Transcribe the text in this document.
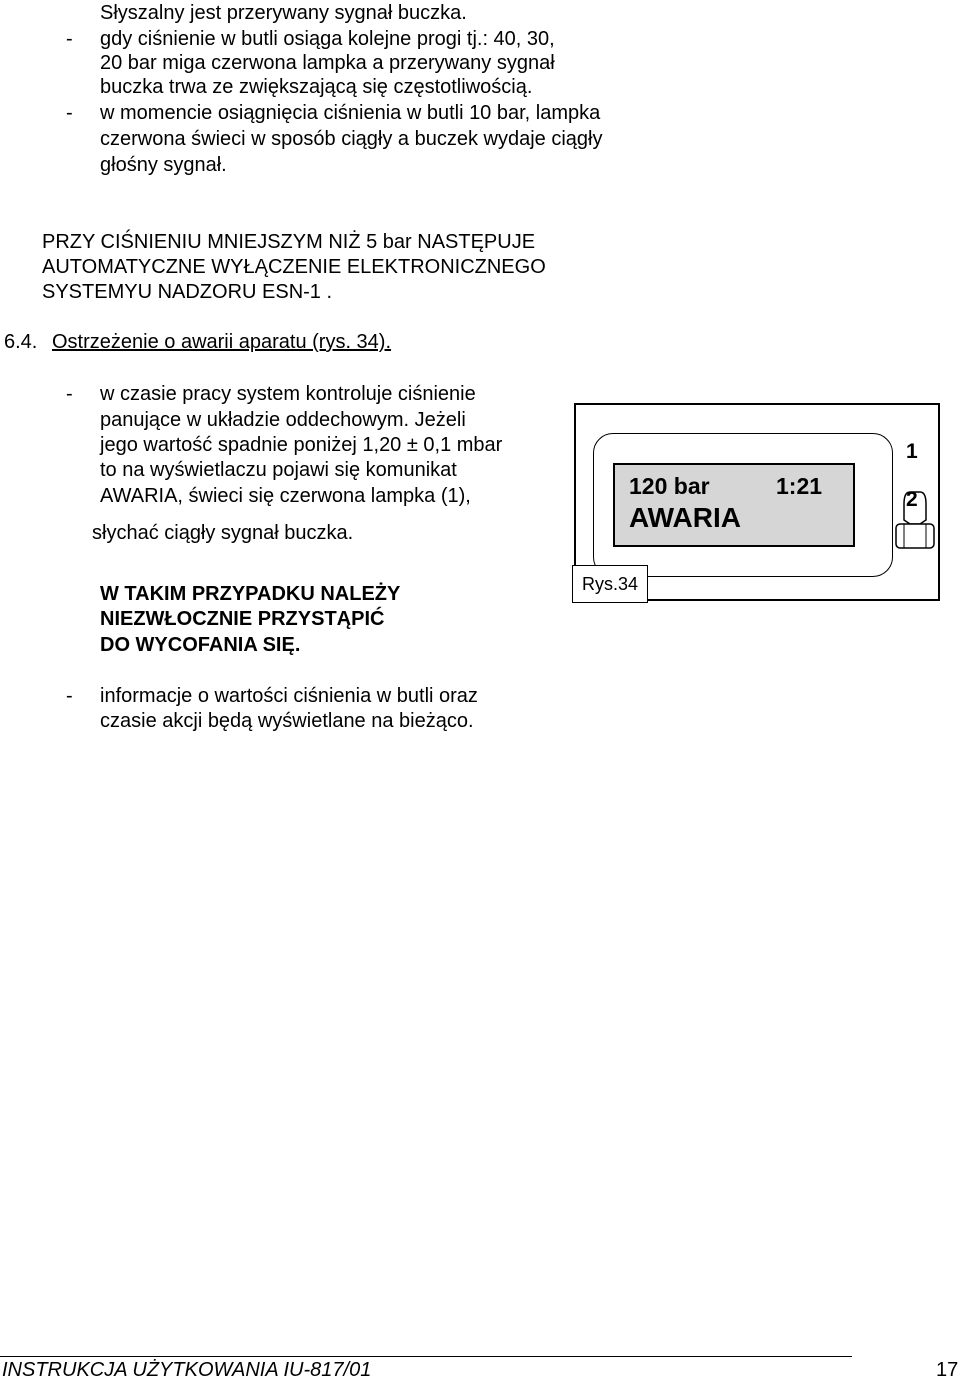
Słyszalny jest przerywany sygnał buczka.

- gdy ciśnienie w butli osiąga kolejne progi tj.: 40, 30,

20 bar miga czerwona lampka a przerywany sygnał

buczka trwa ze zwiększającą się częstotliwością.

- w momencie osiągnięcia ciśnienia w butli 10 bar, lampka

czerwona świeci w sposób ciągły a buczek wydaje ciągły

głośny sygnał.

PRZY CIŚNIENIU MNIEJSZYM NIŻ 5 bar NASTĘPUJE

AUTOMATYCZNE WYŁĄCZENIE ELEKTRONICZNEGO

SYSTEMYU NADZORU ESN-1 .

6.4. Ostrzeżenie o awarii aparatu (rys. 34).

- w czasie pracy system kontroluje ciśnienie

panujące w układzie oddechowym. Jeżeli

jego wartość spadnie poniżej 1,20 ± 0,1 mbar

to na wyświetlaczu pojawi się komunikat

AWARIA, świeci się czerwona lampka (1),

słychać ciągły sygnał buczka.

W TAKIM PRZYPADKU NALEŻY

NIEZWŁOCZNIE PRZYSTĄPIĆ

DO WYCOFANIA SIĘ.

- informacje o wartości ciśnienia w butli oraz

czasie akcji będą wyświetlane na bieżąco.

120 bar	1:21

AWARIA

1

2

Rys.34

INSTRUKCJA UŻYTKOWANIA IU-817/01	17
